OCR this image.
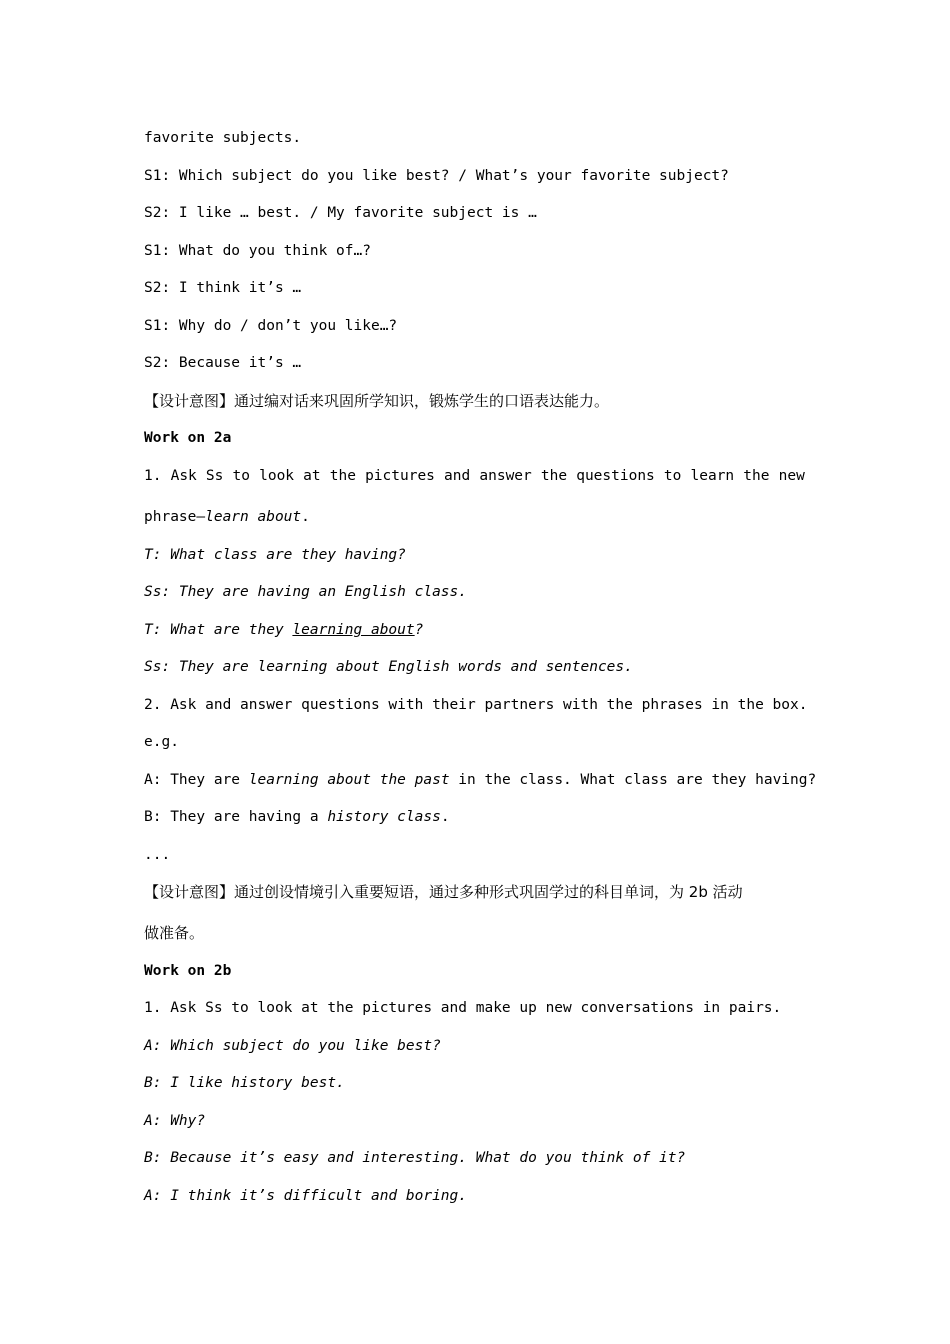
favorite subjects.
S1: Which subject do you like best? / What’s your favorite subject?
S2: I like … best. / My favorite subject is …
S1: What do you think of…?
S2: I think it’s …
S1: Why do / don’t you like…?
S2: Because it’s …
【设计意图】通过编对话来巩固所学知识，锻炼学生的口语表达能力。
Work on 2a
1. Ask Ss to look at the pictures and answer the questions to learn the new
phrase—learn about.
T: What class are they having?
Ss: They are having an English class.
T: What are they learning about?
Ss: They are learning about English words and sentences.
2. Ask and answer questions with their partners with the phrases in the box.
e.g.
A: They are learning about the past in the class. What class are they having?
B: They are having a history class.
...
【设计意图】通过创设情境引入重要短语，通过多种形式巩固学过的科目单词，为 2b 活动
做准备。
Work on 2b
1. Ask Ss to look at the pictures and make up new conversations in pairs.
A: Which subject do you like best?
B: I like history best.
A: Why?
B: Because it’s easy and interesting. What do you think of it?
A: I think it’s difficult and boring.
